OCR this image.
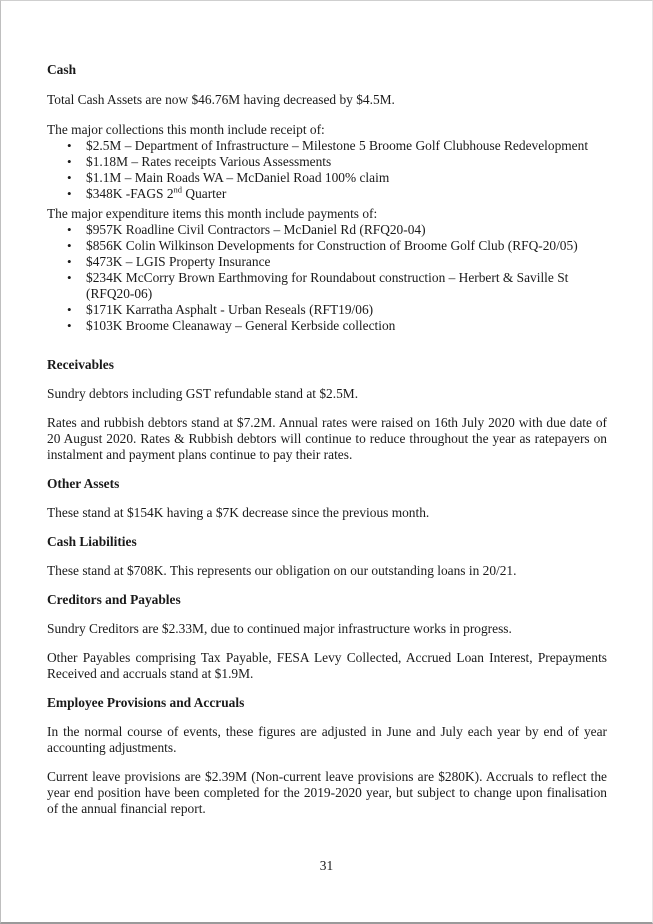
Cash

Total Cash Assets are now $46.76M having decreased by $4.5M.

The major collections this month include receipt of:

• $2.5M – Department of Infrastructure – Milestone 5 Broome Golf Clubhouse Redevelopment
• $1.18M – Rates receipts Various Assessments
• $1.1M – Main Roads WA – McDaniel Road 100% claim
• $348K -FAGS 2nd Quarter

The major expenditure items this month include payments of:

• $957K Roadline Civil Contractors – McDaniel Rd (RFQ20-04)
• $856K Colin Wilkinson Developments for Construction of Broome Golf Club (RFQ-20/05)
• $473K – LGIS Property Insurance
• $234K McCorry Brown Earthmoving for Roundabout construction – Herbert & Saville St (RFQ20-06)
• $171K Karratha Asphalt - Urban Reseals (RFT19/06)
• $103K Broome Cleanaway – General Kerbside collection
Receivables

Sundry debtors including GST refundable stand at $2.5M.

Rates and rubbish debtors stand at $7.2M. Annual rates were raised on 16th July 2020 with due date of 20 August 2020. Rates & Rubbish debtors will continue to reduce throughout the year as ratepayers on instalment and payment plans continue to pay their rates.

Other Assets

These stand at $154K having a $7K decrease since the previous month.

Cash Liabilities

These stand at $708K. This represents our obligation on our outstanding loans in 20/21.

Creditors and Payables

Sundry Creditors are $2.33M, due to continued major infrastructure works in progress.

Other Payables comprising Tax Payable, FESA Levy Collected, Accrued Loan Interest, Prepayments Received and accruals stand at $1.9M.

Employee Provisions and Accruals

In the normal course of events, these figures are adjusted in June and July each year by end of year accounting adjustments.

Current leave provisions are $2.39M (Non-current leave provisions are $280K). Accruals to reflect the year end position have been completed for the 2019-2020 year, but subject to change upon finalisation of the annual financial report.

31
